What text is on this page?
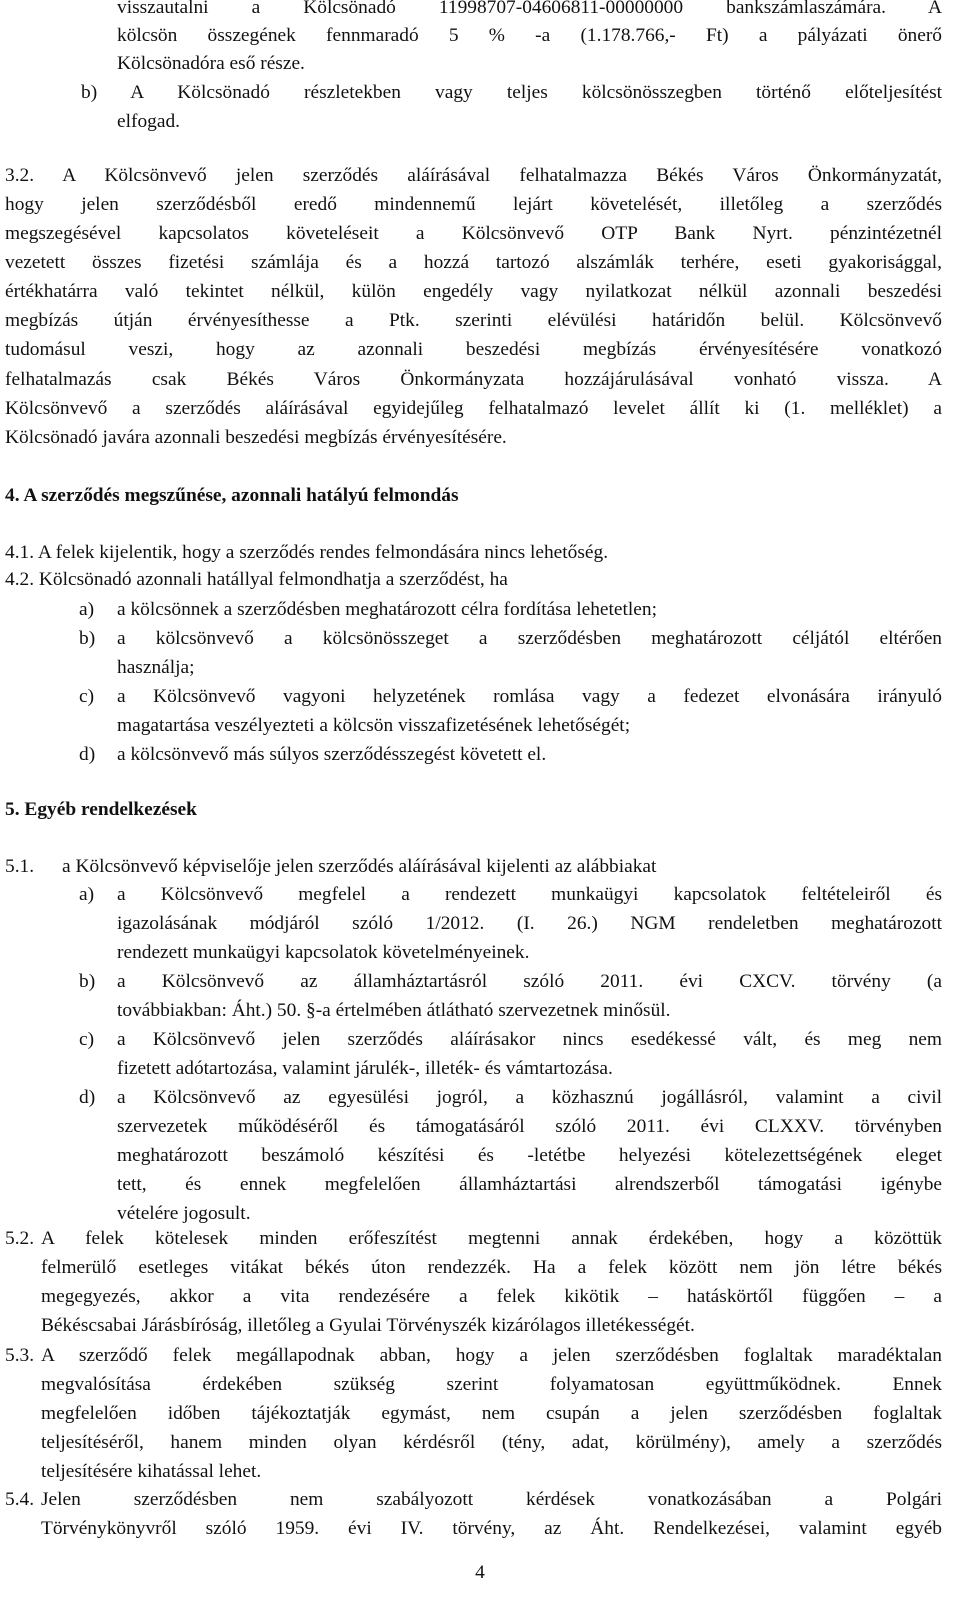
visszautalni a Kölcsönadó 11998707-04606811-00000000 bankszámlaszámára. A
kölcsön összegének fennmaradó 5 % -a (1.178.766,- Ft) a pályázati önerő
Kölcsönadóra eső része.
b) A Kölcsönadó részletekben vagy teljes kölcsönösszegben történő előteljesítést
elfogad.
3.2. A Kölcsönvevő jelen szerződés aláírásával felhatalmazza Békés Város Önkormányzatát,
hogy jelen szerződésből eredő mindennemű lejárt követelését, illetőleg a szerződés
megszegésével kapcsolatos követeléseit a Kölcsönvevő OTP Bank Nyrt. pénzintézetnél
vezetett összes fizetési számlája és a hozzá tartozó alszámlák terhére, eseti gyakorisággal,
értékhatárra való tekintet nélkül, külön engedély vagy nyilatkozat nélkül azonnali beszedési
megbízás útján érvényesíthesse a Ptk. szerinti elévülési határidőn belül. Kölcsönvevő
tudomásul veszi, hogy az azonnali beszedési megbízás érvényesítésére vonatkozó
felhatalmazás csak Békés Város Önkormányzata hozzájárulásával vonható vissza. A
Kölcsönvevő a szerződés aláírásával egyidejűleg felhatalmazó levelet állít ki (1. melléklet) a
Kölcsönadó javára azonnali beszedési megbízás érvényesítésére.
4. A szerződés megszűnése, azonnali hatályú felmondás
4.1. A felek kijelentik, hogy a szerződés rendes felmondására nincs lehetőség.
4.2. Kölcsönadó azonnali hatállyal felmondhatja a szerződést, ha
a) a kölcsönnek a szerződésben meghatározott célra fordítása lehetetlen;
b) a kölcsönvevő a kölcsönösszeget a szerződésben meghatározott céljától eltérően
használja;
c) a Kölcsönvevő vagyoni helyzetének romlása vagy a fedezet elvonására irányuló
magatartása veszélyezteti a kölcsön visszafizetésének lehetőségét;
d) a kölcsönvevő más súlyos szerződésszegést követett el.
5. Egyéb rendelkezések
5.1. a Kölcsönvevő képviselője jelen szerződés aláírásával kijelenti az alábbiakat
a) a Kölcsönvevő megfelel a rendezett munkaügyi kapcsolatok feltételeiről és
igazolásának módjáról szóló 1/2012. (I. 26.) NGM rendeletben meghatározott
rendezett munkaügyi kapcsolatok követelményeinek.
b) a Kölcsönvevő az államháztartásról szóló 2011. évi CXCV. törvény (a
továbbiakban: Áht.) 50. §-a értelmében átlátható szervezetnek minősül.
c) a Kölcsönvevő jelen szerződés aláírásakor nincs esedékessé vált, és meg nem
fizetett adótartozása, valamint járulék-, illeték- és vámtartozása.
d) a Kölcsönvevő az egyesülési jogról, a közhasznú jogállásról, valamint a civil
szervezetek működéséről és támogatásáról szóló 2011. évi CLXXV. törvényben
meghatározott beszámoló készítési és -letétbe helyezési kötelezettségének eleget
tett, és ennek megfelelően államháztartási alrendszerből támogatási igénybe
vételére jogosult.
5.2. A felek kötelesek minden erőfeszítést megtenni annak érdekében, hogy a közöttük
felmerülő esetleges vitákat békés úton rendezzék. Ha a felek között nem jön létre békés
megegyezés, akkor a vita rendezésére a felek kikötik – hatáskörtől függően – a
Békéscsabai Járásbíróság, illetőleg a Gyulai Törvényszék kizárólagos illetékességét.
5.3. A szerződő felek megállapodnak abban, hogy a jelen szerződésben foglaltak maradéktalan
megvalósítása érdekében szükség szerint folyamatosan együttműködnek. Ennek
megfelelően időben tájékoztatják egymást, nem csupán a jelen szerződésben foglaltak
teljesítéséről, hanem minden olyan kérdésről (tény, adat, körülmény), amely a szerződés
teljesítésére kihatással lehet.
5.4. Jelen szerződésben nem szabályozott kérdések vonatkozásában a Polgári
Törvénykönyvről szóló 1959. évi IV. törvény, az Áht. Rendelkezései, valamint egyéb
4
